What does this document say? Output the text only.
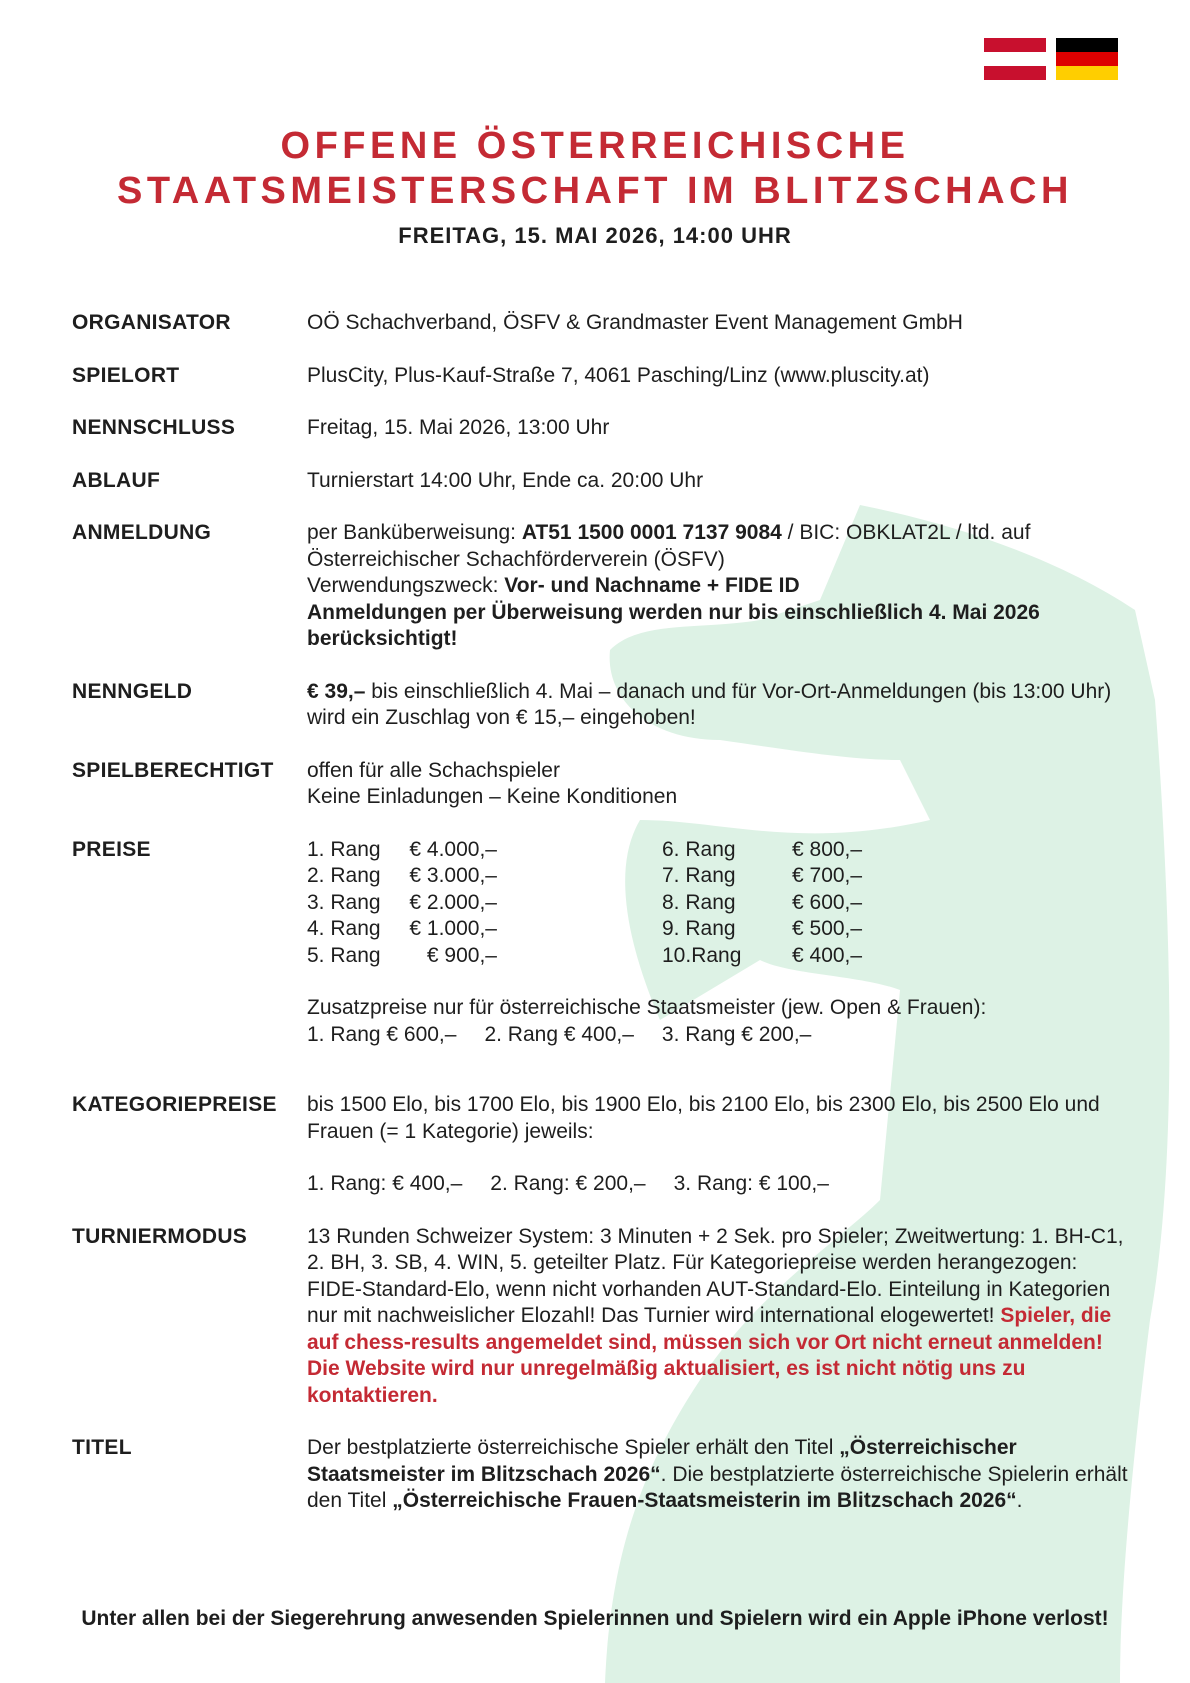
OFFENE ÖSTERREICHISCHE
STAATSMEISTERSCHAFT IM BLITZSCHACH
FREITAG, 15. MAI 2026, 14:00 UHR
ORGANISATOR	OÖ Schachverband, ÖSFV & Grandmaster Event Management GmbH
SPIELORT	PlusCity, Plus-Kauf-Straße 7, 4061 Pasching/Linz (www.pluscity.at)
NENNSCHLUSS	Freitag, 15. Mai 2026, 13:00 Uhr
ABLAUF	Turnierstart 14:00 Uhr, Ende ca. 20:00 Uhr
ANMELDUNG	per Banküberweisung: AT51 1500 0001 7137 9084 / BIC: OBKLAT2L / ltd. auf
Österreichischer Schachförderverein (ÖSFV)
Verwendungszweck: Vor- und Nachname + FIDE ID
Anmeldungen per Überweisung werden nur bis einschließlich 4. Mai 2026 berücksichtigt!
NENNGELD	€ 39,– bis einschließlich 4. Mai – danach und für Vor-Ort-Anmeldungen (bis 13:00 Uhr) wird ein Zuschlag von € 15,– eingehoben!
SPIELBERECHTIGT	offen für alle Schachspieler
Keine Einladungen – Keine Konditionen
PREISE	1. Rang	€ 4.000,–
2. Rang	€ 3.000,–
3. Rang	€ 2.000,–
4. Rang	€ 1.000,–
5. Rang	€ 900,–
6. Rang	€ 800,–
7. Rang	€ 700,–
8. Rang	€ 600,–
9. Rang	€ 500,–
10.Rang	€ 400,–
Zusatzpreise nur für österreichische Staatsmeister (jew. Open & Frauen):
1. Rang € 600,– 2. Rang € 400,– 3. Rang € 200,–
KATEGORIEPREISE	bis 1500 Elo, bis 1700 Elo, bis 1900 Elo, bis 2100 Elo, bis 2300 Elo, bis 2500 Elo und Frauen (= 1 Kategorie) jeweils:
1. Rang: € 400,– 2. Rang: € 200,– 3. Rang: € 100,–
TURNIERMODUS	13 Runden Schweizer System: 3 Minuten + 2 Sek. pro Spieler; Zweitwertung: 1. BH-C1, 2. BH, 3. SB, 4. WIN, 5. geteilter Platz. Für Kategoriepreise werden herangezogen: FIDE-Standard-Elo, wenn nicht vorhanden AUT-Standard-Elo. Einteilung in Kategorien nur mit nachweislicher Elozahl! Das Turnier wird international elogewertet! Spieler, die auf chess-results angemeldet sind, müssen sich vor Ort nicht erneut anmelden! Die Website wird nur unregelmäßig aktualisiert, es ist nicht nötig uns zu kontaktieren.
TITEL	Der bestplatzierte österreichische Spieler erhält den Titel „Österreichischer Staatsmeister im Blitzschach 2026“. Die bestplatzierte österreichische Spielerin erhält den Titel „Österreichische Frauen-Staatsmeisterin im Blitzschach 2026“.
Unter allen bei der Siegerehrung anwesenden Spielerinnen und Spielern wird ein Apple iPhone verlost!
